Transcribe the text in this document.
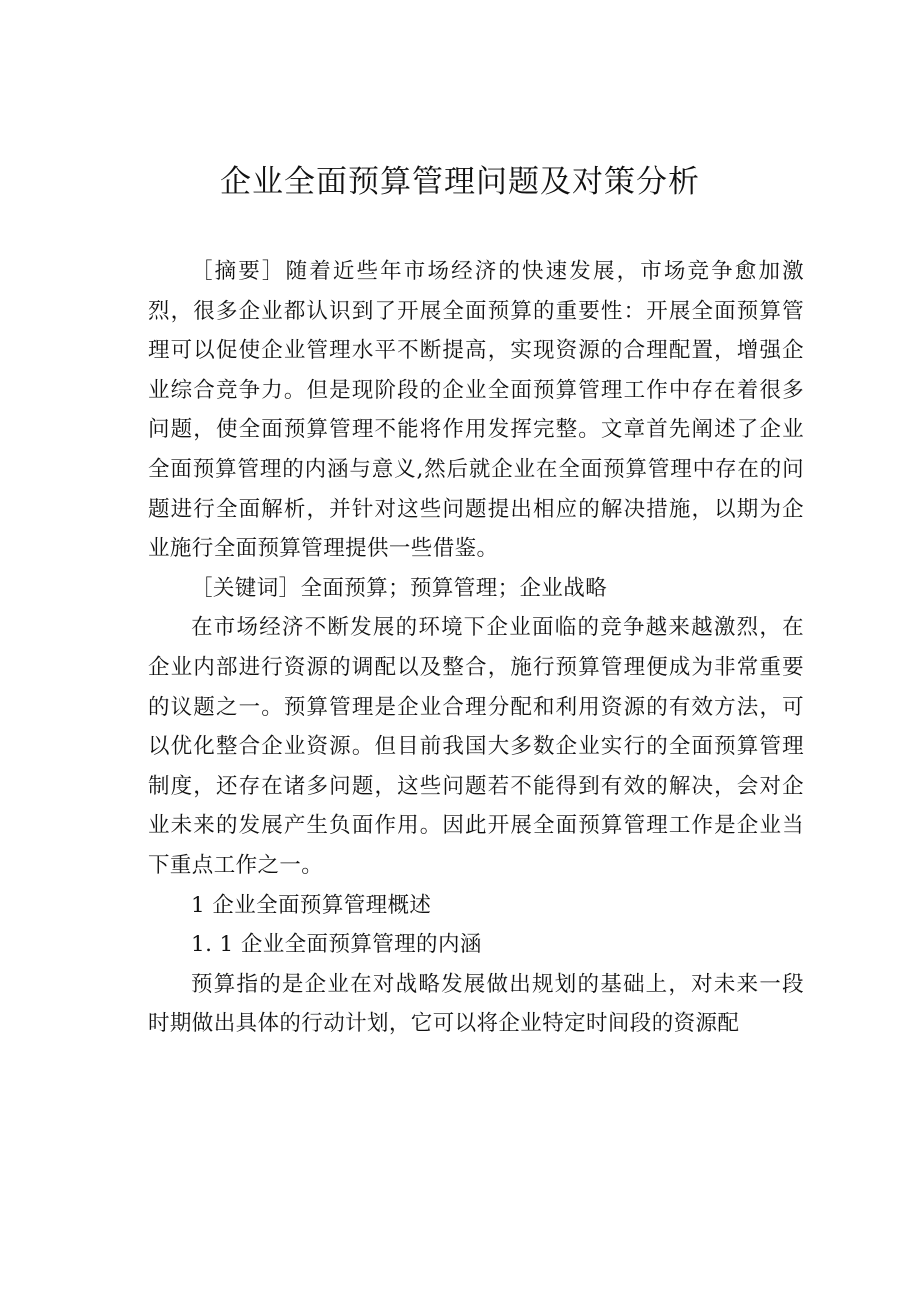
企业全面预算管理问题及对策分析

［摘要］随着近些年市场经济的快速发展，市场竞争愈加激烈，很多企业都认识到了开展全面预算的重要性：开展全面预算管理可以促使企业管理水平不断提高，实现资源的合理配置，增强企业综合竞争力。但是现阶段的企业全面预算管理工作中存在着很多问题，使全面预算管理不能将作用发挥完整。文章首先阐述了企业全面预算管理的内涵与意义,然后就企业在全面预算管理中存在的问题进行全面解析，并针对这些问题提出相应的解决措施，以期为企业施行全面预算管理提供一些借鉴。

［关键词］全面预算；预算管理；企业战略

在市场经济不断发展的环境下企业面临的竞争越来越激烈，在企业内部进行资源的调配以及整合，施行预算管理便成为非常重要的议题之一。预算管理是企业合理分配和利用资源的有效方法，可以优化整合企业资源。但目前我国大多数企业实行的全面预算管理制度，还存在诸多问题，这些问题若不能得到有效的解决，会对企业未来的发展产生负面作用。因此开展全面预算管理工作是企业当下重点工作之一。

1 企业全面预算管理概述

1. 1 企业全面预算管理的内涵

预算指的是企业在对战略发展做出规划的基础上，对未来一段时期做出具体的行动计划，它可以将企业特定时间段的资源配
